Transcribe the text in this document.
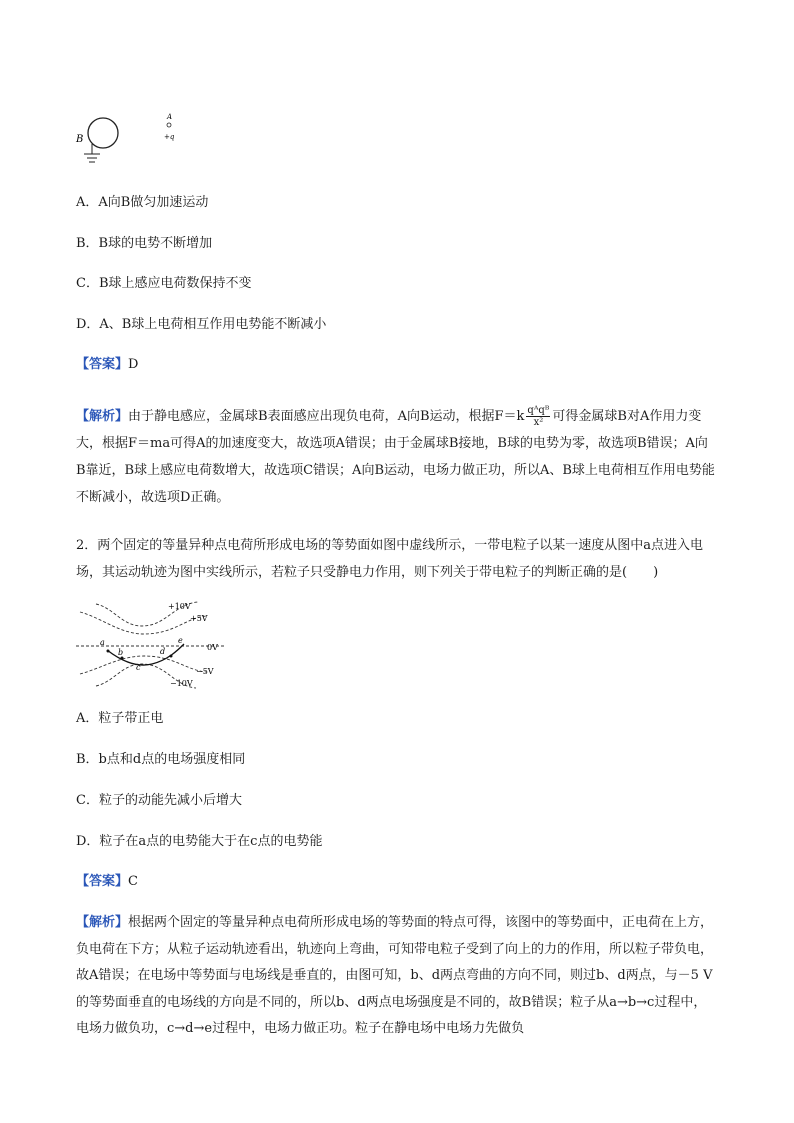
B
A
+q
A．A向B做匀加速运动
B．B球的电势不断增加
C．B球上感应电荷数保持不变
D．A、B球上电荷相互作用电势能不断减小
【答案】D
【解析】由于静电感应，金属球B表面感应出现负电荷，A向B运动，根据$F=k \frac{\text{qᴬqᴮ}}{\text{x²}}$ 可得金属球B对A作用力变大，根据F＝ma可得A的加速度变大，故选项A错误；由于金属球B接地，B球的电势为零，故选项B错误；A向B靠近，B球上感应电荷数增大，故选项C错误；A向B运动，电场力做正功，所以A、B球上电荷相互作用电势能不断减小，故选项D正确。
2．两个固定的等量异种点电荷所形成电场的等势面如图中虚线所示，一带电粒子以某一速度从图中a点进入电场，其运动轨迹为图中实线所示，若粒子只受静电力作用，则下列关于带电粒子的判断正确的是(　　)
+10V
+5V
0V
−5V
−10V
a
b
c
d
e
A．粒子带正电
B．b点和d点的电场强度相同
C．粒子的动能先减小后增大
D．粒子在a点的电势能大于在c点的电势能
【答案】C
【解析】根据两个固定的等量异种点电荷所形成电场的等势面的特点可得，该图中的等势面中，正电荷在上方，负电荷在下方；从粒子运动轨迹看出，轨迹向上弯曲，可知带电粒子受到了向上的力的作用，所以粒子带负电，故A错误；在电场中等势面与电场线是垂直的，由图可知，b、d两点弯曲的方向不同，则过b、d两点，与－5 V的等势面垂直的电场线的方向是不同的，所以b、d两点电场强度是不同的，故B错误；粒子从a→b→c过程中，电场力做负功，c→d→e过程中，电场力做正功。粒子在静电场中电场力先做负
